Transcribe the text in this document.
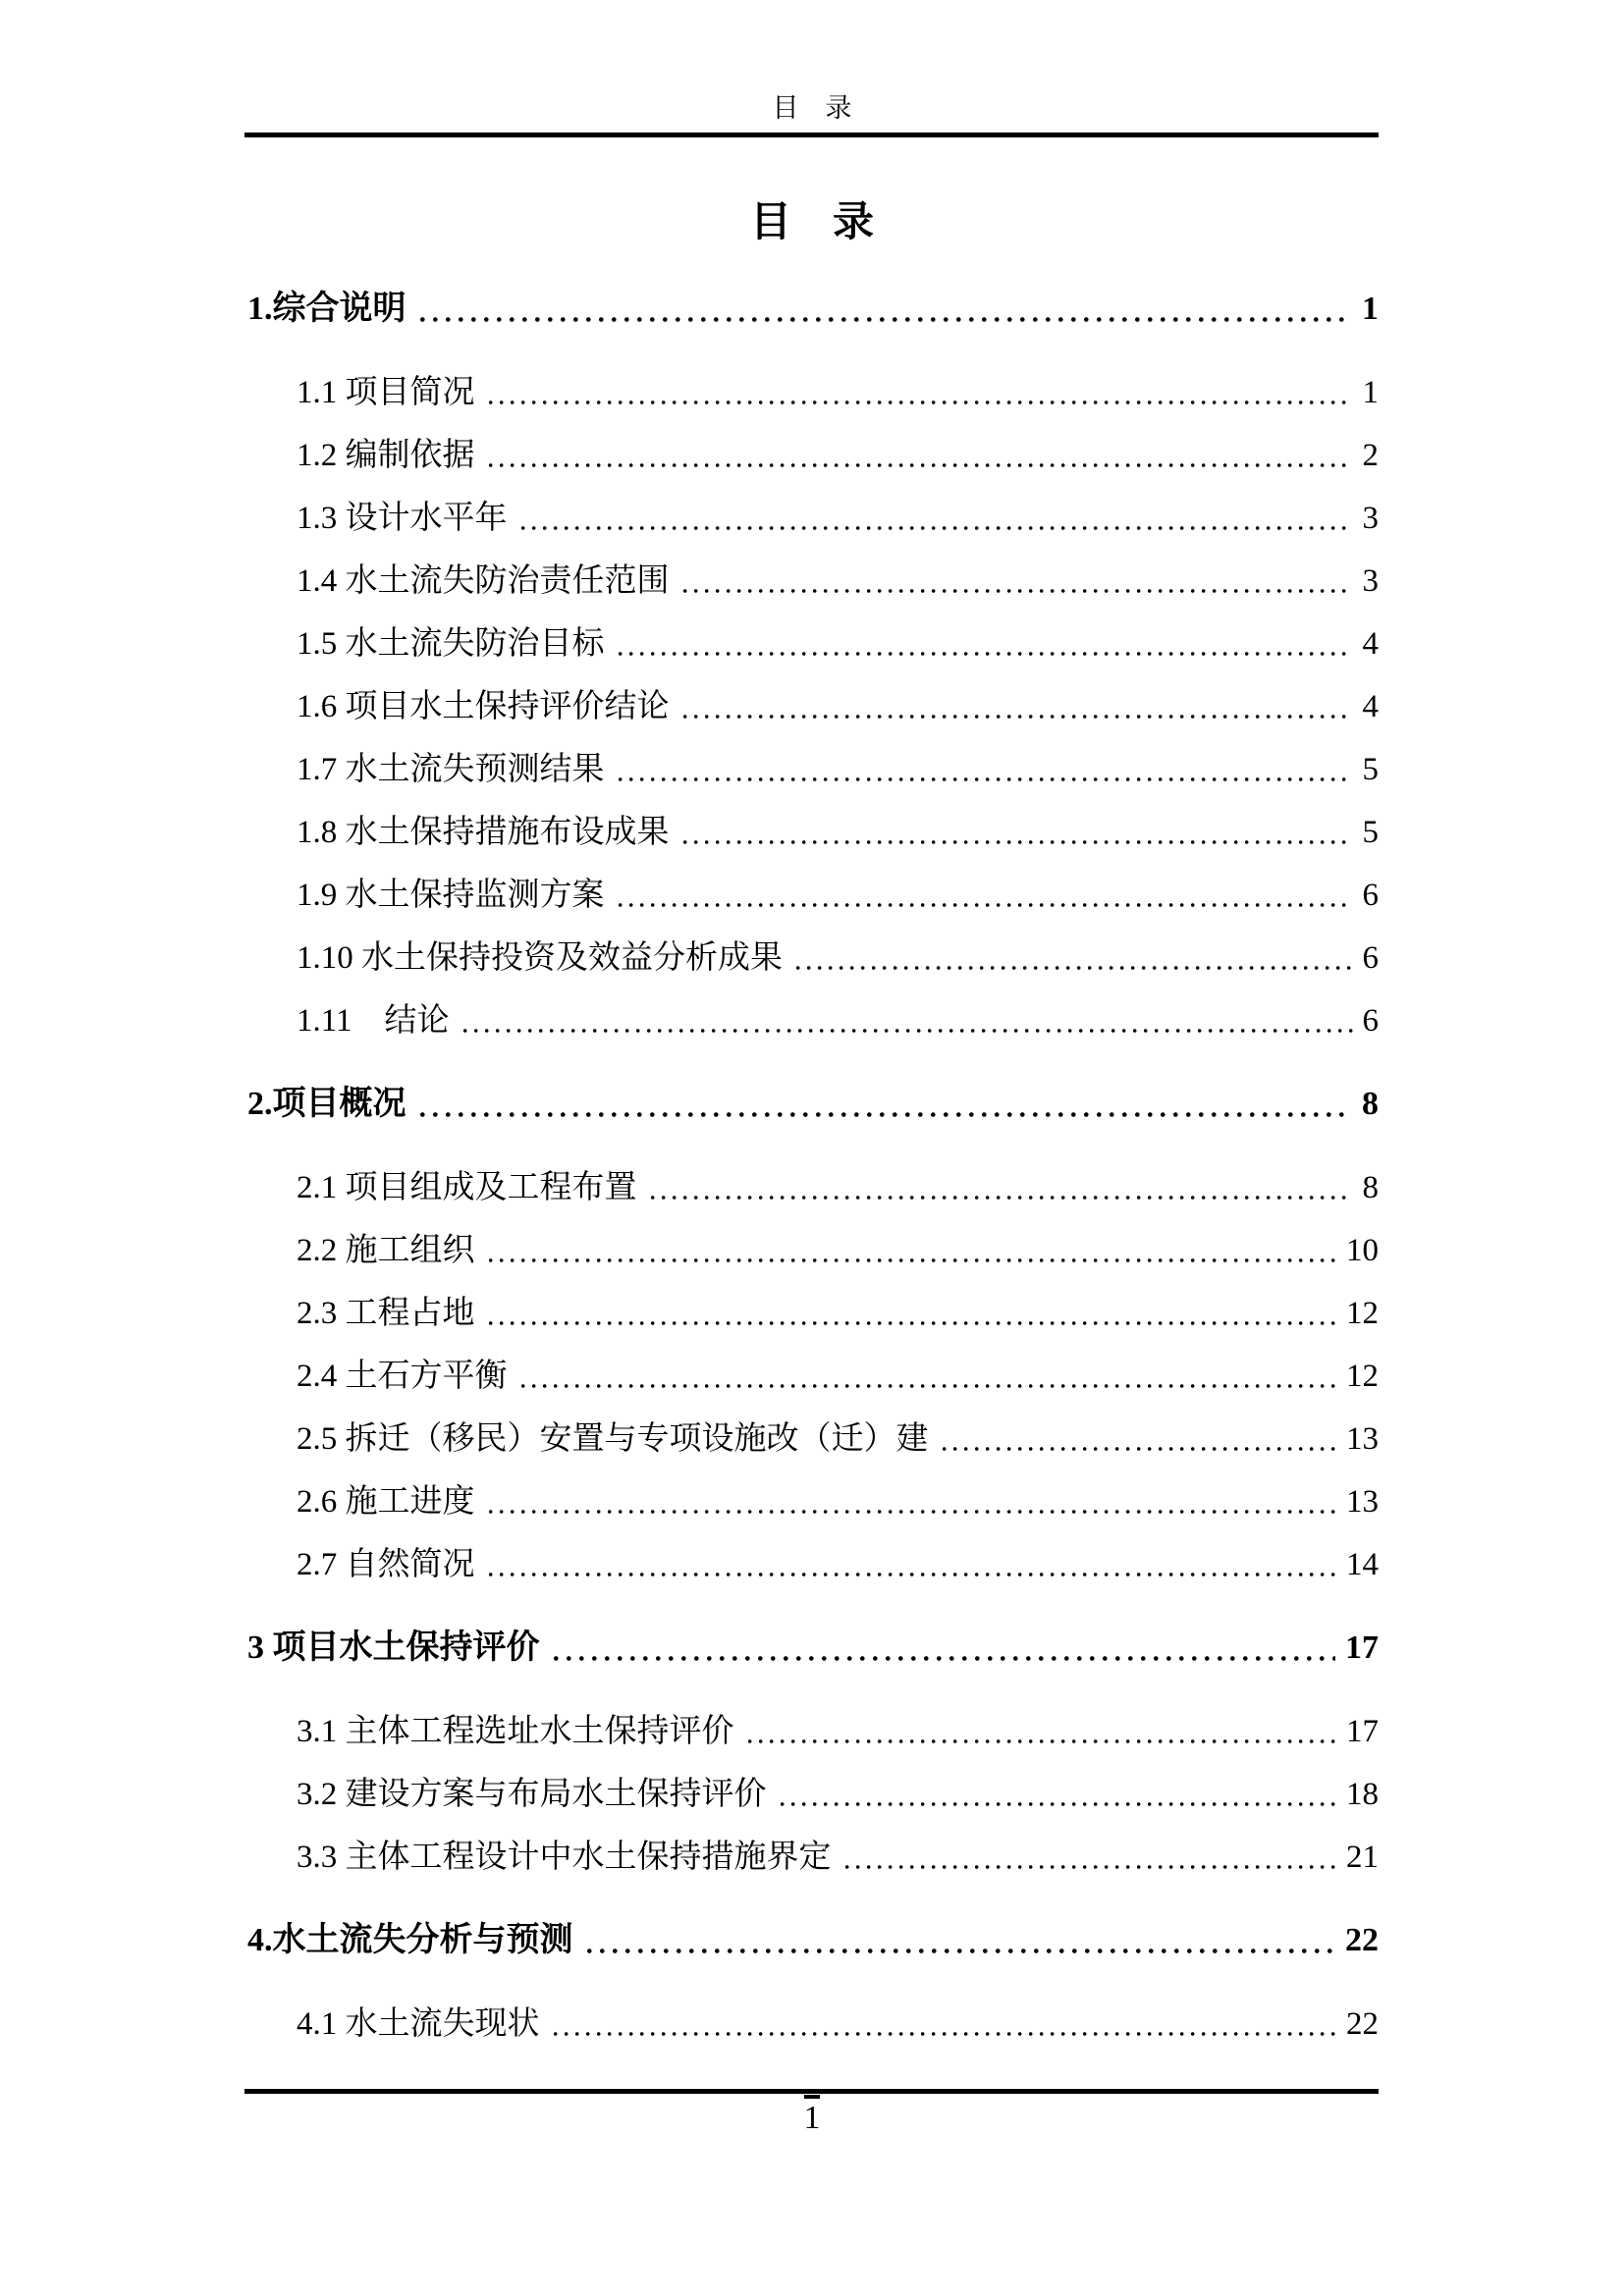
目　录
目　录
1.综合说明	1
1.1 项目简况	1
1.2 编制依据	2
1.3 设计水平年	3
1.4 水土流失防治责任范围	3
1.5 水土流失防治目标	4
1.6 项目水土保持评价结论	4
1.7 水土流失预测结果	5
1.8 水土保持措施布设成果	5
1.9 水土保持监测方案	6
1.10 水土保持投资及效益分析成果	6
1.11　结论	6
2.项目概况	8
2.1 项目组成及工程布置	8
2.2 施工组织	10
2.3 工程占地	12
2.4 土石方平衡	12
2.5 拆迁（移民）安置与专项设施改（迁）建	13
2.6 施工进度	13
2.7 自然简况	14
3 项目水土保持评价	17
3.1 主体工程选址水土保持评价	17
3.2 建设方案与布局水土保持评价	18
3.3 主体工程设计中水土保持措施界定	21
4.水土流失分析与预测	22
4.1 水土流失现状	22
1
